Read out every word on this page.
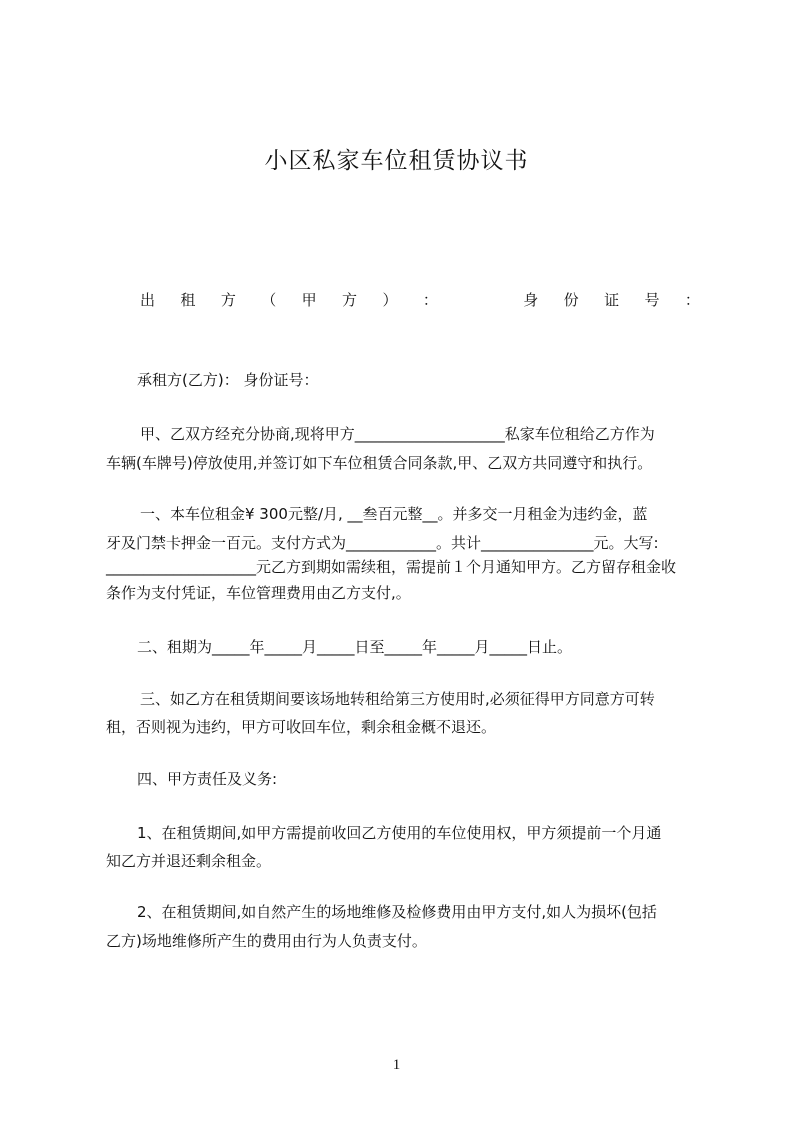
小区私家车位租赁协议书
出 租 方 （ 甲 方 ） ：	身 份 证 号 ：
承租方(乙方)： 身份证号：
甲、乙双方经充分协商,现将甲方____________________私家车位租给乙方作为
车辆(车牌号)停放使用,并签订如下车位租赁合同条款,甲、乙双方共同遵守和执行。
一、本车位租金¥ 300元整/月, __叁百元整__。并多交一月租金为违约金，蓝
牙及门禁卡押金一百元。支付方式为____________。共计_______________元。大写:
____________________元乙方到期如需续租，需提前１个月通知甲方。乙方留存租金收
条作为支付凭证，车位管理费用由乙方支付,。
二、租期为_____年_____月_____日至_____年_____月_____日止。
三、如乙方在租赁期间要该场地转租给第三方使用时,必须征得甲方同意方可转
租，否则视为违约，甲方可收回车位，剩余租金概不退还。
四、甲方责任及义务:
1、在租赁期间,如甲方需提前收回乙方使用的车位使用权，甲方须提前一个月通
知乙方并退还剩余租金。
2、在租赁期间,如自然产生的场地维修及检修费用由甲方支付,如人为损坏(包括
乙方)场地维修所产生的费用由行为人负责支付。
1
